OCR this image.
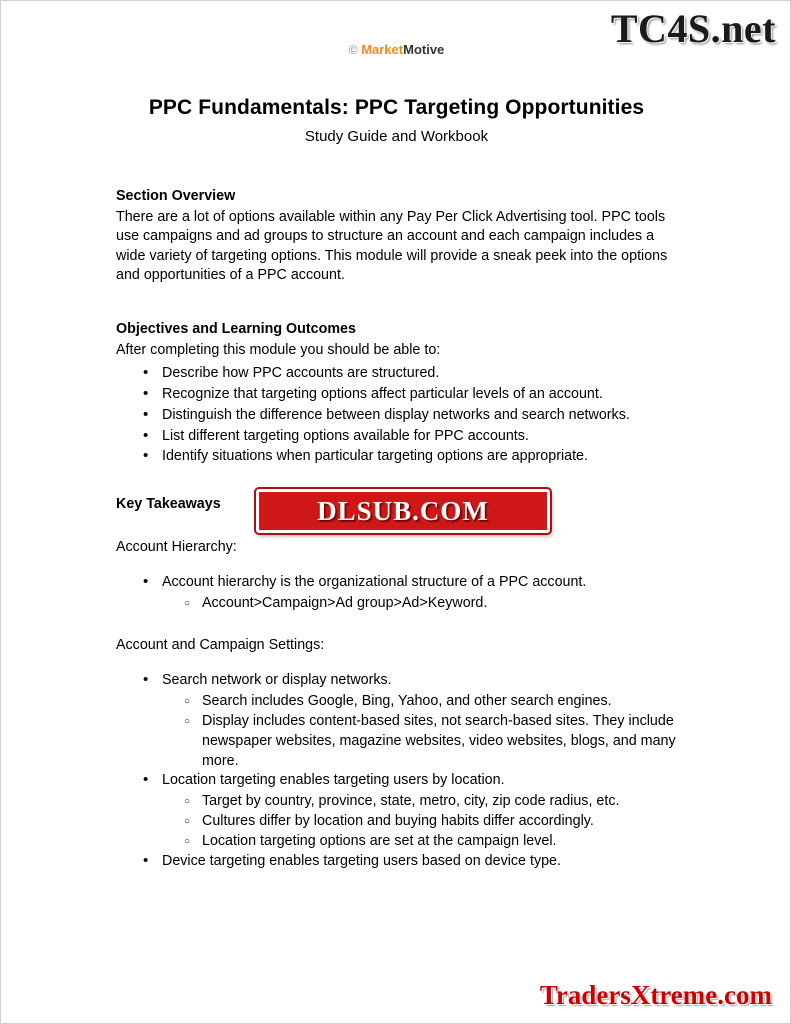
TC4S.net
PPC Fundamentals: PPC Targeting Opportunities
Study Guide and Workbook
Section Overview

There are a lot of options available within any Pay Per Click Advertising tool. PPC tools use campaigns and ad groups to structure an account and each campaign includes a wide variety of targeting options. This module will provide a sneak peek into the options and opportunities of a PPC account.

Objectives and Learning Outcomes

After completing this module you should be able to:

• Describe how PPC accounts are structured.
• Recognize that targeting options affect particular levels of an account.
• Distinguish the difference between display networks and search networks.
• List different targeting options available for PPC accounts.
• Identify situations when particular targeting options are appropriate.
Key Takeaways

Account Hierarchy:

• Account hierarchy is the organizational structure of a PPC account.
○ Account>Campaign>Ad group>Ad>Keyword.

Account and Campaign Settings:

• Search network or display networks.
○ Search includes Google, Bing, Yahoo, and other search engines.
○ Display includes content-based sites, not search-based sites. They include newspaper websites, magazine websites, video websites, blogs, and many more.
• Location targeting enables targeting users by location.
○ Target by country, province, state, metro, city, zip code radius, etc.
○ Cultures differ by location and buying habits differ accordingly.
○ Location targeting options are set at the campaign level.
• Device targeting enables targeting users based on device type.
© MarketMotive
DLSUB.COM
TradersXtreme.com
